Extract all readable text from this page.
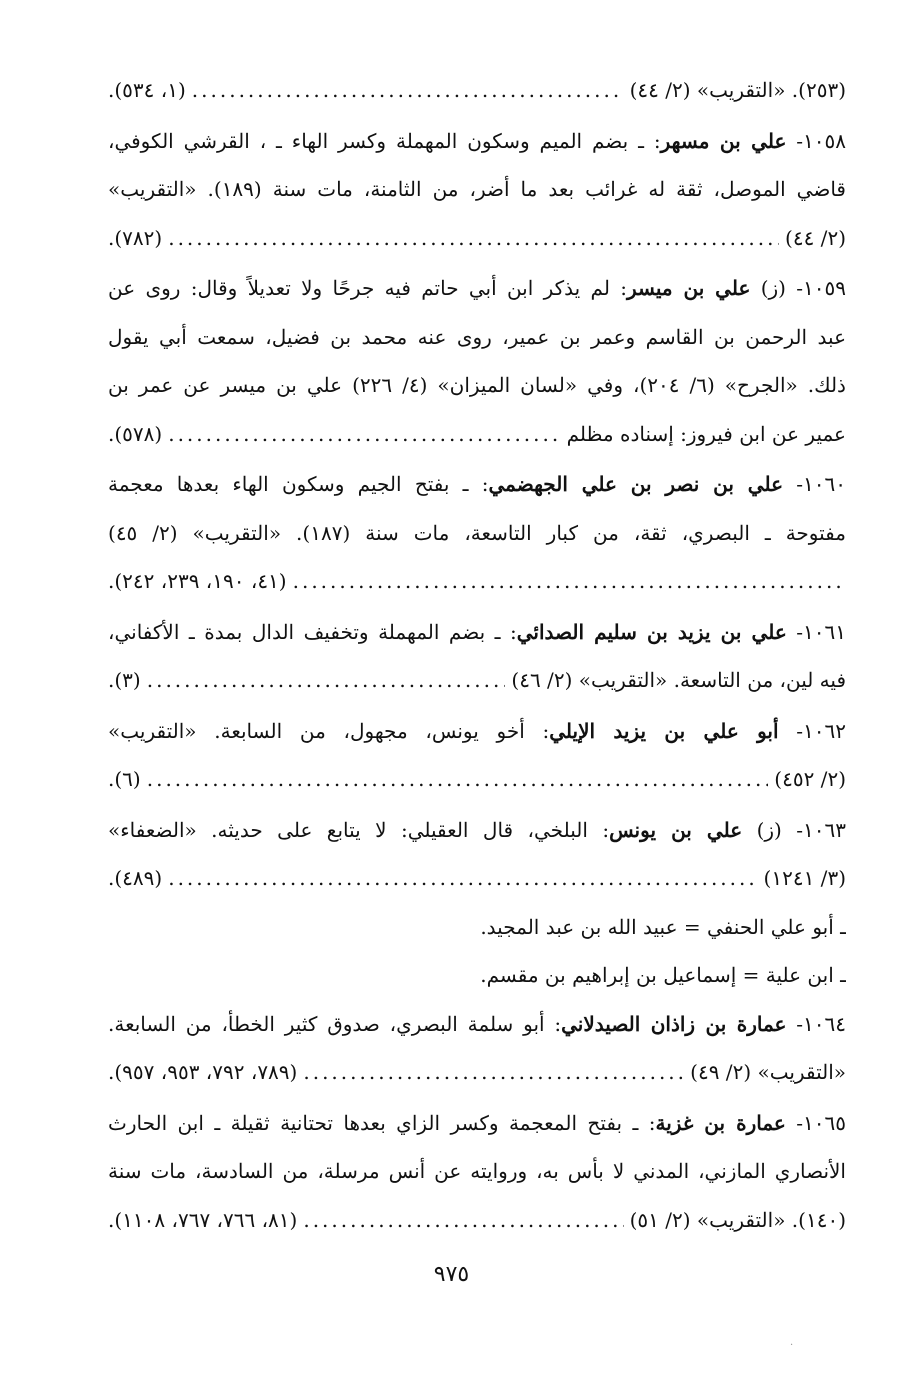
(٢٥٣). «التقريب» (٢/ ٤٤)
.....
(١، ٥٣٤).
١٠٥٨- علي بن مسهر: ـ بضم الميم وسكون المهملة وكسر الهاء ـ ، القرشي الكوفي،
قاضي الموصل، ثقة له غرائب بعد ما أضر، من الثامنة، مات سنة (١٨٩). «التقريب»
(٢/ ٤٤)
.....
(٧٨٢).
١٠٥٩- (ز) علي بن ميسر: لم يذكر ابن أبي حاتم فيه جرحًا ولا تعديلاً وقال: روى عن
عبد الرحمن بن القاسم وعمر بن عمير، روى عنه محمد بن فضيل، سمعت أبي يقول
ذلك. «الجرح» (٦/ ٢٠٤)، وفي «لسان الميزان» (٤/ ٢٢٦) علي بن ميسر عن عمر بن
عمير عن ابن فيروز: إسناده مظلم
.....
(٥٧٨).
١٠٦٠- علي بن نصر بن علي الجهضمي: ـ بفتح الجيم وسكون الهاء بعدها معجمة
مفتوحة ـ البصري، ثقة، من كبار التاسعة، مات سنة (١٨٧). «التقريب» (٢/ ٤٥)
.....
(٤١، ١٩٠، ٢٣٩، ٢٤٢).
١٠٦١- علي بن يزيد بن سليم الصدائي: ـ بضم المهملة وتخفيف الدال بمدة ـ الأكفاني،
فيه لين، من التاسعة. «التقريب» (٢/ ٤٦)
.....
(٣).
١٠٦٢- أبو علي بن يزيد الإيلي: أخو يونس، مجهول، من السابعة. «التقريب»
(٢/ ٤٥٢)
.....
(٦).
١٠٦٣- (ز) علي بن يونس: البلخي، قال العقيلي: لا يتابع على حديثه. «الضعفاء»
(٣/ ١٢٤١)
.....
(٤٨٩).
ـ أبو علي الحنفي = عبيد الله بن عبد المجيد.
ـ ابن علية = إسماعيل بن إبراهيم بن مقسم.
١٠٦٤- عمارة بن زاذان الصيدلاني: أبو سلمة البصري، صدوق كثير الخطأ، من السابعة.
«التقريب» (٢/ ٤٩)
.....
(٧٨٩، ٧٩٢، ٩٥٣، ٩٥٧).
١٠٦٥- عمارة بن غزية: ـ بفتح المعجمة وكسر الزاي بعدها تحتانية ثقيلة ـ ابن الحارث
الأنصاري المازني، المدني لا بأس به، وروايته عن أنس مرسلة، من السادسة، مات سنة
(١٤٠). «التقريب» (٢/ ٥١)
.....
(٨١، ٧٦٦، ٧٦٧، ١١٠٨).
٩٧٥
·
